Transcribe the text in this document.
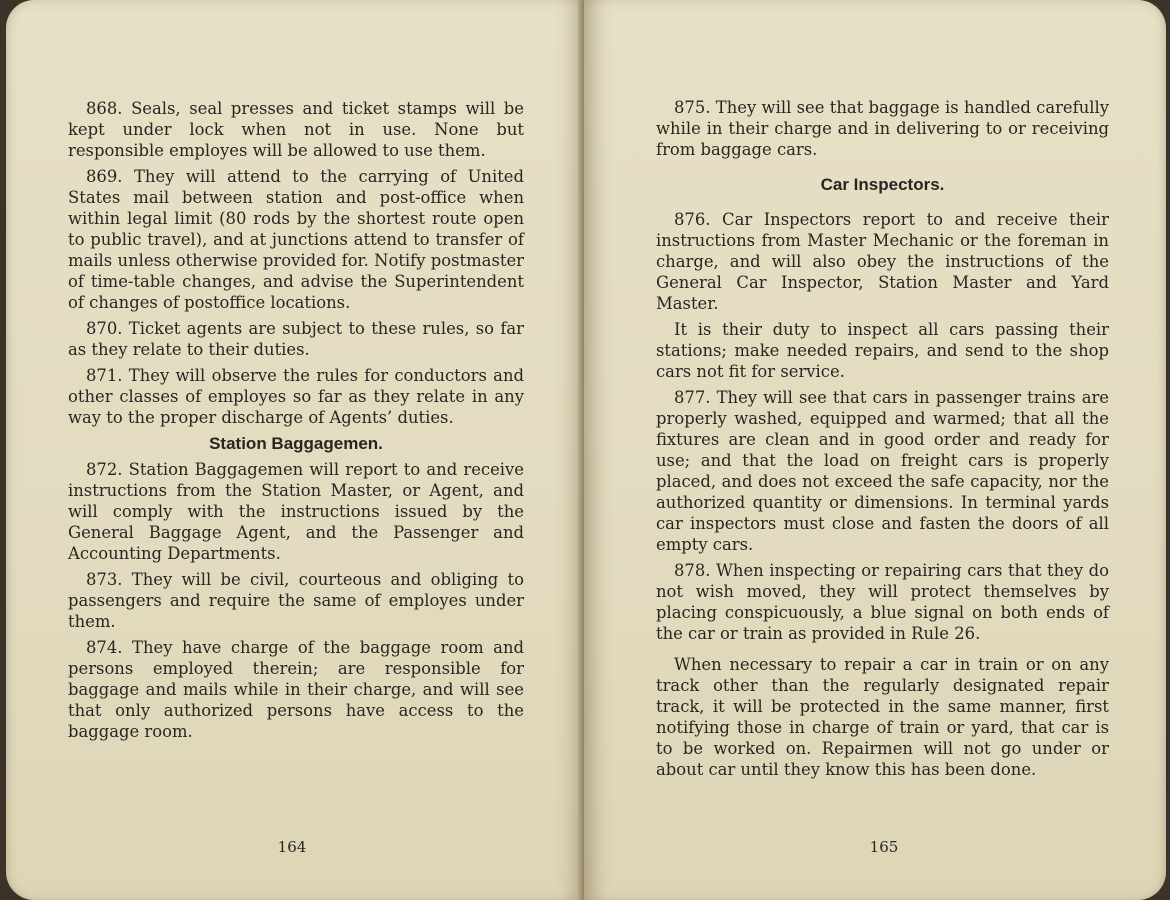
868. Seals, seal presses and ticket stamps will be kept under lock when not in use. None but responsible employes will be allowed to use them.

869. They will attend to the carrying of United States mail between station and post-office when within legal limit (80 rods by the shortest route open to public travel), and at junctions attend to transfer of mails unless otherwise provided for. Notify postmaster of time-table changes, and advise the Superintendent of changes of postoffice locations.

870. Ticket agents are subject to these rules, so far as they relate to their duties.

871. They will observe the rules for conductors and other classes of employes so far as they relate in any way to the proper discharge of Agents’ duties.

Station Baggagemen.

872. Station Baggagemen will report to and receive instructions from the Station Master, or Agent, and will comply with the instructions issued by the General Baggage Agent, and the Passenger and Accounting Departments.

873. They will be civil, courteous and obliging to passengers and require the same of employes under them.

874. They have charge of the baggage room and persons employed therein; are responsible for baggage and mails while in their charge, and will see that only authorized persons have access to the baggage room.

164

875. They will see that baggage is handled carefully while in their charge and in delivering to or receiving from baggage cars.

Car Inspectors.

876. Car Inspectors report to and receive their instructions from Master Mechanic or the foreman in charge, and will also obey the instructions of the General Car Inspector, Station Master and Yard Master.

It is their duty to inspect all cars passing their stations; make needed repairs, and send to the shop cars not fit for service.

877. They will see that cars in passenger trains are properly washed, equipped and warmed; that all the fixtures are clean and in good order and ready for use; and that the load on freight cars is properly placed, and does not exceed the safe capacity, nor the authorized quantity or dimensions. In terminal yards car inspectors must close and fasten the doors of all empty cars.

878. When inspecting or repairing cars that they do not wish moved, they will protect themselves by placing conspicuously, a blue signal on both ends of the car or train as provided in Rule 26.

When necessary to repair a car in train or on any track other than the regularly designated repair track, it will be protected in the same manner, first notifying those in charge of train or yard, that car is to be worked on. Repairmen will not go under or about car until they know this has been done.

165
